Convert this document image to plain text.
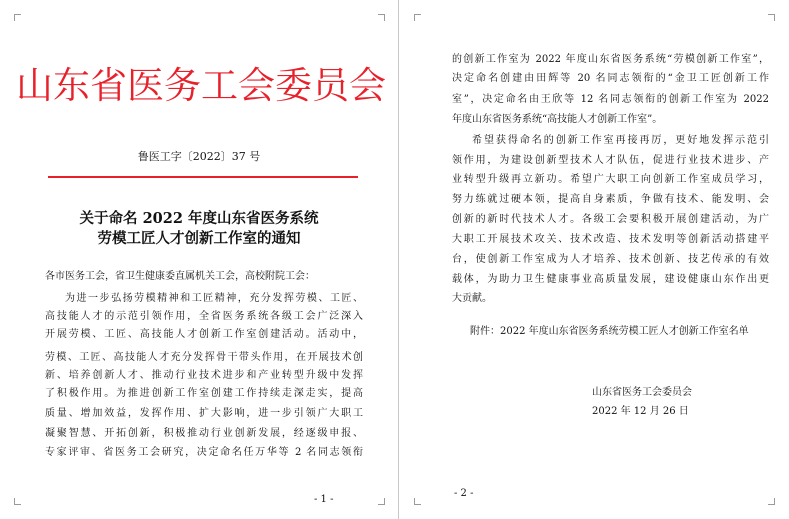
山东省医务工会委员会
鲁医工字〔2022〕37 号
关于命名 2022 年度山东省医务系统
劳模工匠人才创新工作室的通知
各市医务工会，省卫生健康委直属机关工会，高校附院工会：
为进一步弘扬劳模精神和工匠精神，充分发挥劳模、工匠、
高技能人才的示范引领作用，全省医务系统各级工会广泛深入
开展劳模、工匠、高技能人才创新工作室创建活动。活动中，
劳模、工匠、高技能人才充分发挥骨干带头作用，在开展技术创
新、培养创新人才、推动行业技术进步和产业转型升级中发挥
了积极作用。为推进创新工作室创建工作持续走深走实，提高
质量、增加效益，发挥作用、扩大影响，进一步引领广大职工
凝聚智慧、开拓创新，积极推动行业创新发展，经逐级申报、
专家评审、省医务工会研究，决定命名任万华等 2 名同志领衔
- 1 -
的创新工作室为 2022 年度山东省医务系统“劳模创新工作室”，
决定命名创建由田辉等 20 名同志领衔的“金卫工匠创新工作
室”，决定命名由王欣等 12 名同志领衔的创新工作室为 2022
年度山东省医务系统“高技能人才创新工作室”。
希望获得命名的创新工作室再接再厉，更好地发挥示范引
领作用，为建设创新型技术人才队伍，促进行业技术进步、产
业转型升级再立新功。希望广大职工向创新工作室成员学习，
努力练就过硬本领，提高自身素质，争做有技术、能发明、会
创新的新时代技术人才。各级工会要积极开展创建活动，为广
大职工开展技术攻关、技术改造、技术发明等创新活动搭建平
台，使创新工作室成为人才培养、技术创新、技艺传承的有效
载体，为助力卫生健康事业高质量发展，建设健康山东作出更
大贡献。
附件：2022 年度山东省医务系统劳模工匠人才创新工作室名单
山东省医务工会委员会
2022 年 12 月 26 日
- 2 -
